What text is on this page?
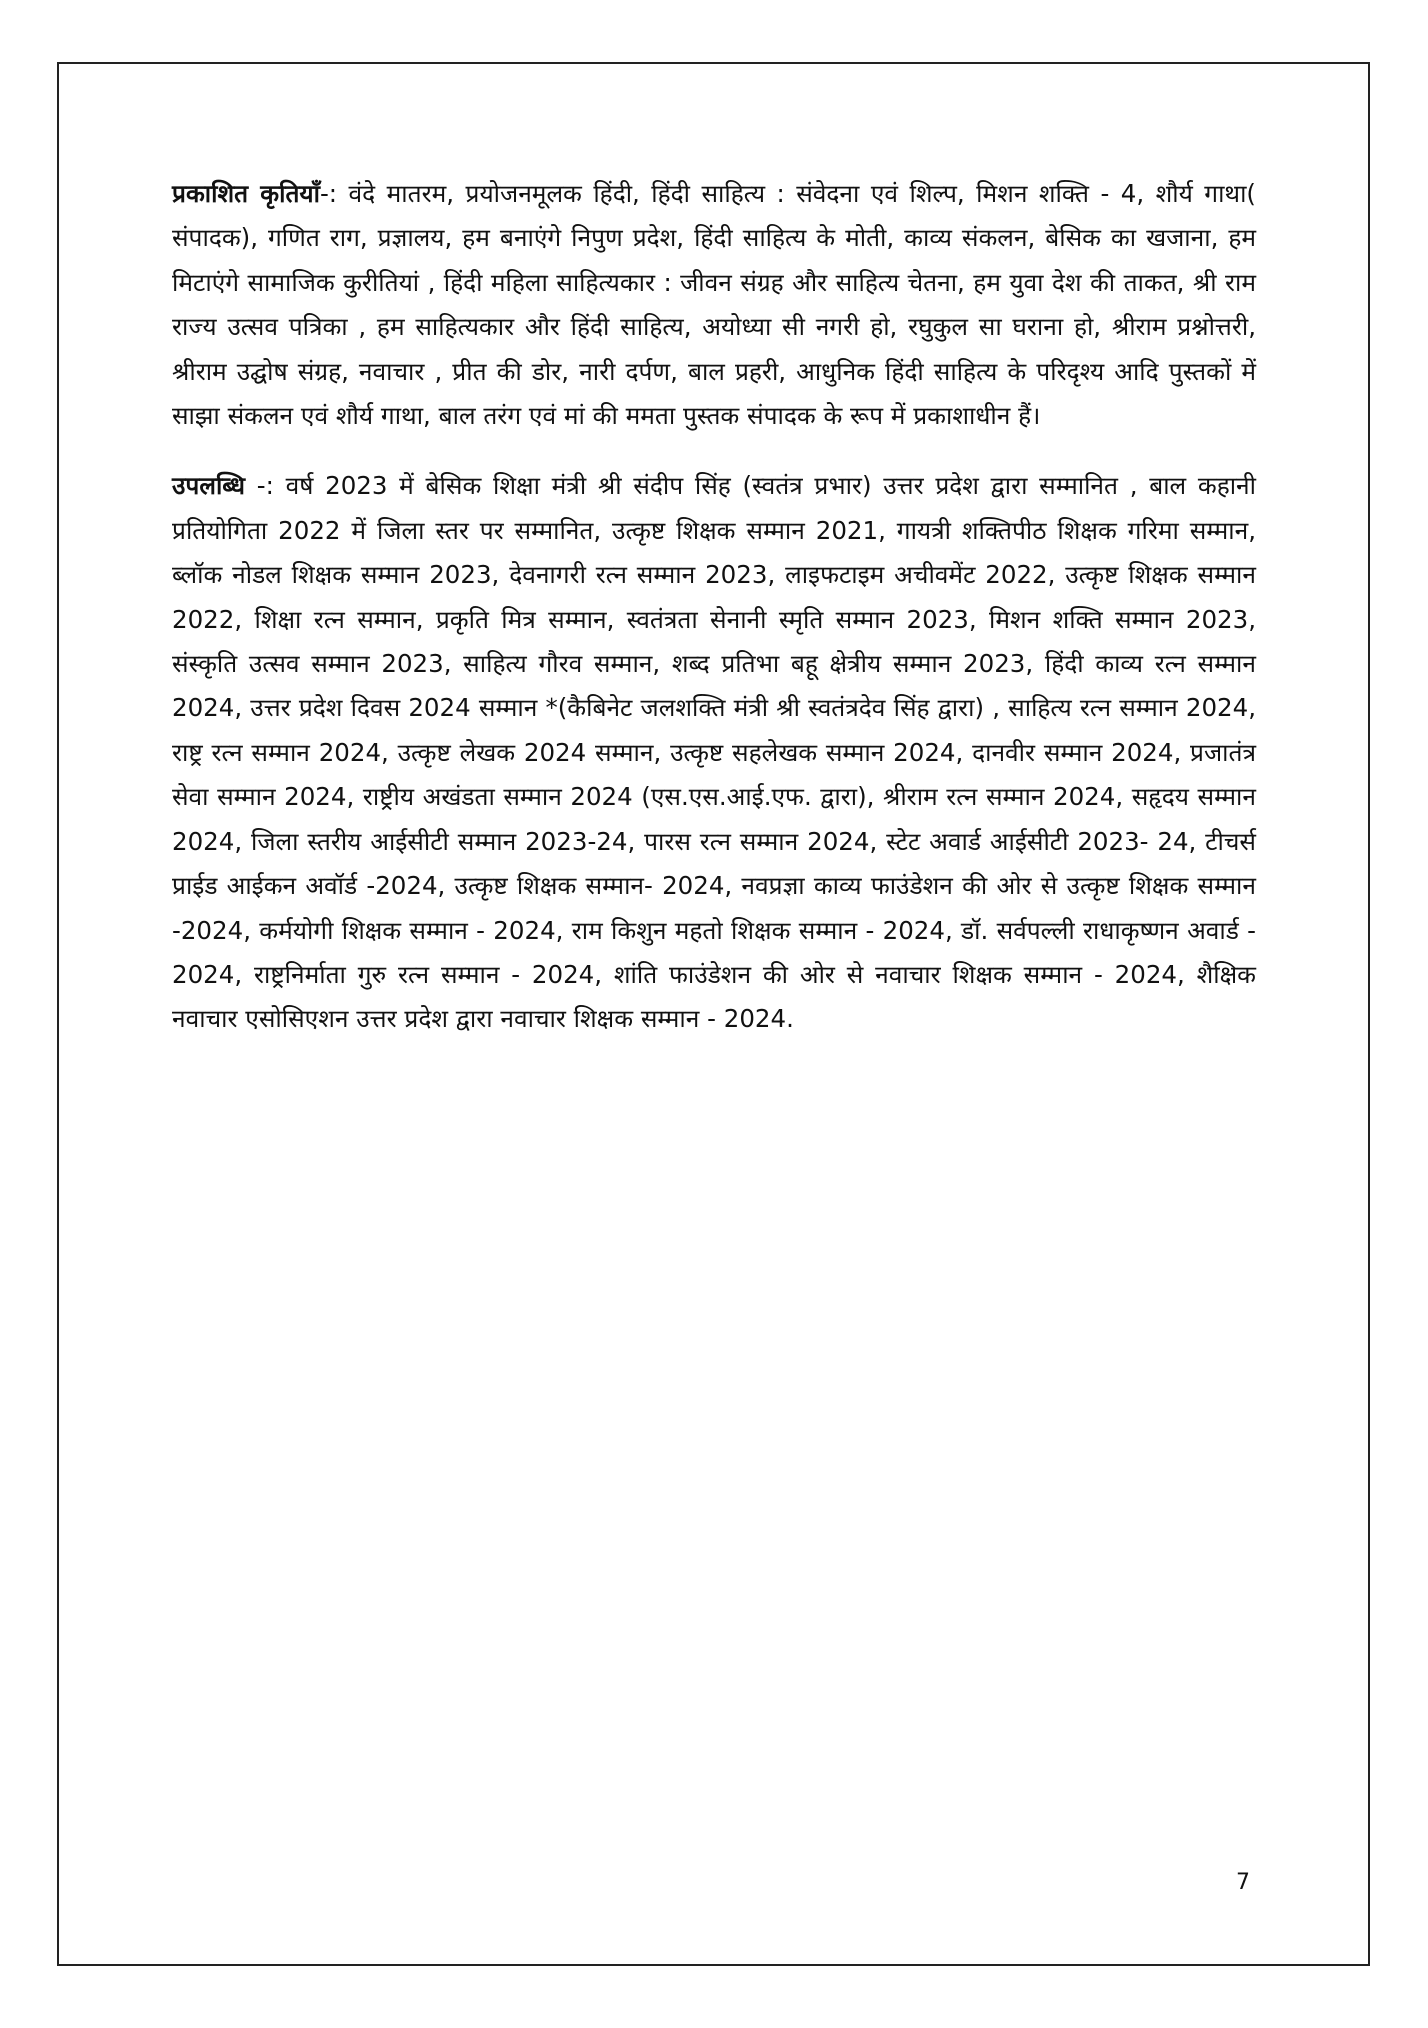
प्रकाशित कृतियाँ-: वंदे मातरम, प्रयोजनमूलक हिंदी, हिंदी साहित्य : संवेदना एवं शिल्प, मिशन शक्ति - 4, शौर्य गाथा( संपादक), गणित राग, प्रज्ञालय, हम बनाएंगे निपुण प्रदेश, हिंदी साहित्य के मोती, काव्य संकलन, बेसिक का खजाना, हम मिटाएंगे सामाजिक कुरीतियां , हिंदी महिला साहित्यकार : जीवन संग्रह और साहित्य चेतना, हम युवा देश की ताकत, श्री राम राज्य उत्सव पत्रिका , हम साहित्यकार और हिंदी साहित्य, अयोध्या सी नगरी हो, रघुकुल सा घराना हो, श्रीराम प्रश्नोत्तरी, श्रीराम उद्घोष संग्रह, नवाचार , प्रीत की डोर, नारी दर्पण, बाल प्रहरी, आधुनिक हिंदी साहित्य के परिदृश्य आदि पुस्तकों में साझा संकलन एवं शौर्य गाथा, बाल तरंग एवं मां की ममता पुस्तक संपादक के रूप में प्रकाशाधीन हैं।

उपलब्धि -: वर्ष 2023 में बेसिक शिक्षा मंत्री श्री संदीप सिंह (स्वतंत्र प्रभार) उत्तर प्रदेश द्वारा सम्मानित , बाल कहानी प्रतियोगिता 2022 में जिला स्तर पर सम्मानित, उत्कृष्ट शिक्षक सम्मान 2021, गायत्री शक्तिपीठ शिक्षक गरिमा सम्मान, ब्लॉक नोडल शिक्षक सम्मान 2023, देवनागरी रत्न सम्मान 2023, लाइफटाइम अचीवमेंट 2022, उत्कृष्ट शिक्षक सम्मान 2022, शिक्षा रत्न सम्मान, प्रकृति मित्र सम्मान, स्वतंत्रता सेनानी स्मृति सम्मान 2023, मिशन शक्ति सम्मान 2023, संस्कृति उत्सव सम्मान 2023, साहित्य गौरव सम्मान, शब्द प्रतिभा बहू क्षेत्रीय सम्मान 2023, हिंदी काव्य रत्न सम्मान 2024, उत्तर प्रदेश दिवस 2024 सम्मान *(कैबिनेट जलशक्ति मंत्री श्री स्वतंत्रदेव सिंह द्वारा) , साहित्य रत्न सम्मान 2024, राष्ट्र रत्न सम्मान 2024, उत्कृष्ट लेखक 2024 सम्मान, उत्कृष्ट सहलेखक सम्मान 2024, दानवीर सम्मान 2024, प्रजातंत्र सेवा सम्मान 2024, राष्ट्रीय अखंडता सम्मान 2024 (एस.एस.आई.एफ. द्वारा), श्रीराम रत्न सम्मान 2024, सहृदय सम्मान 2024, जिला स्तरीय आईसीटी सम्मान 2023-24, पारस रत्न सम्मान 2024, स्टेट अवार्ड आईसीटी 2023- 24, टीचर्स प्राईड आईकन अवॉर्ड -2024, उत्कृष्ट शिक्षक सम्मान- 2024, नवप्रज्ञा काव्य फाउंडेशन की ओर से उत्कृष्ट शिक्षक सम्मान -2024, कर्मयोगी शिक्षक सम्मान - 2024, राम किशुन महतो शिक्षक सम्मान - 2024, डॉ. सर्वपल्ली राधाकृष्णन अवार्ड - 2024, राष्ट्रनिर्माता गुरु रत्न सम्मान - 2024, शांति फाउंडेशन की ओर से नवाचार शिक्षक सम्मान - 2024, शैक्षिक नवाचार एसोसिएशन उत्तर प्रदेश द्वारा नवाचार शिक्षक सम्मान - 2024.

7
